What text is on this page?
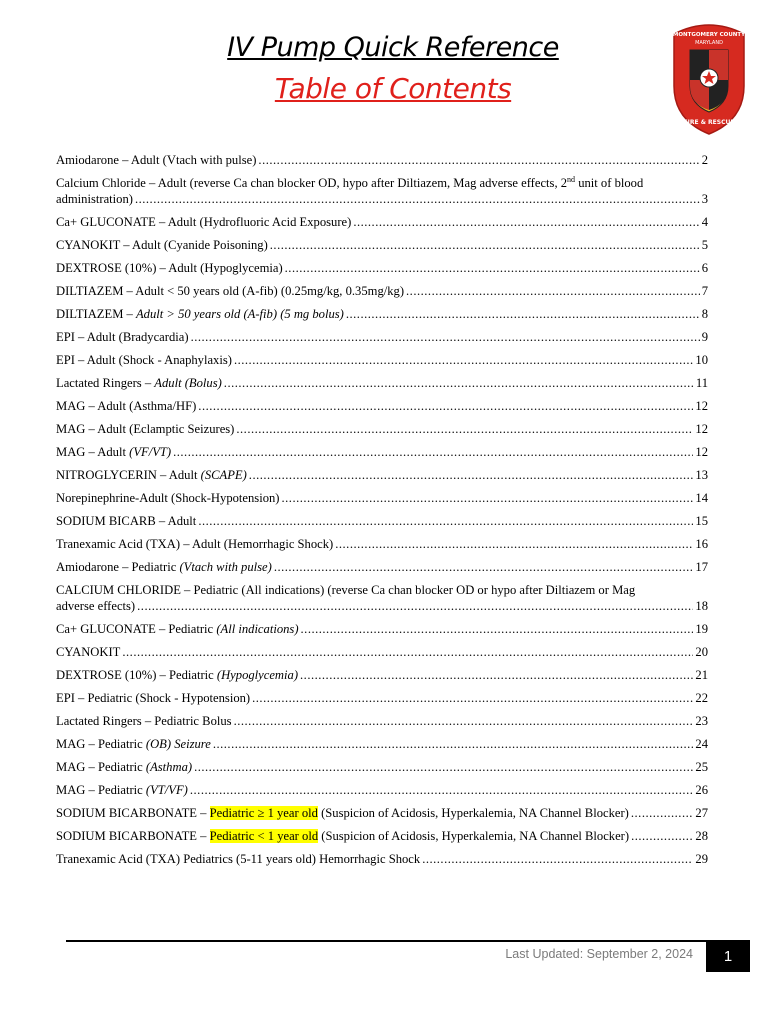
IV Pump Quick Reference
Table of Contents
MONTGOMERY COUNTY
MARYLAND
FIRE & RESCUE
Amiodarone – Adult (Vtach with pulse) .....	2
Calcium Chloride – Adult (reverse Ca chan blocker OD, hypo after Diltiazem, Mag adverse effects, 2nd unit of blood
administration) .....	3
Ca+ GLUCONATE – Adult (Hydrofluoric Acid Exposure) .....	4
CYANOKIT – Adult (Cyanide Poisoning) .....	5
DEXTROSE (10%) – Adult (Hypoglycemia) .....	6
DILTIAZEM – Adult < 50 years old (A-fib) (0.25mg/kg, 0.35mg/kg) .....	7
DILTIAZEM – Adult > 50 years old (A-fib) (5 mg bolus) .....	8
EPI – Adult (Bradycardia) .....	9
EPI – Adult (Shock - Anaphylaxis) .....	10
Lactated Ringers – Adult (Bolus) .....	11
MAG – Adult (Asthma/HF) .....	12
MAG – Adult (Eclamptic Seizures) .....	12
MAG – Adult (VF/VT) .....	12
NITROGLYCERIN – Adult (SCAPE) .....	13
Norepinephrine-Adult (Shock-Hypotension) .....	14
SODIUM BICARB – Adult .....	15
Tranexamic Acid (TXA) – Adult (Hemorrhagic Shock) .....	16
Amiodarone – Pediatric (Vtach with pulse) .....	17
CALCIUM CHLORIDE – Pediatric (All indications) (reverse Ca chan blocker OD or hypo after Diltiazem or Mag
adverse effects) .....	18
Ca+ GLUCONATE – Pediatric (All indications) .....	19
CYANOKIT .....	20
DEXTROSE (10%) – Pediatric (Hypoglycemia) .....	21
EPI – Pediatric (Shock - Hypotension) .....	22
Lactated Ringers – Pediatric Bolus .....	23
MAG – Pediatric (OB) Seizure .....	24
MAG – Pediatric (Asthma) .....	25
MAG – Pediatric (VT/VF) .....	26
SODIUM BICARBONATE – Pediatric ≥ 1 year old (Suspicion of Acidosis, Hyperkalemia, NA Channel Blocker) .....	27
SODIUM BICARBONATE – Pediatric < 1 year old (Suspicion of Acidosis, Hyperkalemia, NA Channel Blocker) .....	28
Tranexamic Acid (TXA) Pediatrics (5-11 years old) Hemorrhagic Shock .....	29
Last Updated: September 2, 2024	1
